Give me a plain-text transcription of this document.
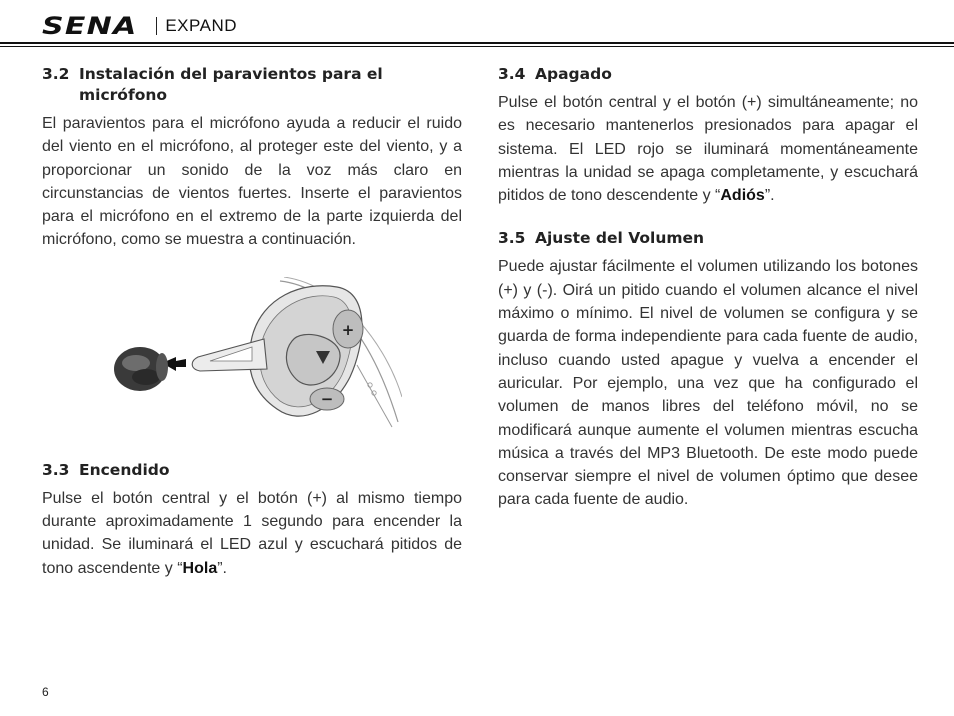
SENA EXPAND
3.2 Instalación del paravientos para el micrófono

El paravientos para el micrófono ayuda a reducir el ruido del viento en el micrófono, al proteger este del viento, y a proporcionar un sonido de la voz más claro en circunstancias de vientos fuertes. Inserte el paravientos para el micrófono en el extremo de la parte izquierda del micrófono, como se muestra a continuación.

+
−
3.3 Encendido

Pulse el botón central y el botón (+) al mismo tiempo durante aproximadamente 1 segundo para encender la unidad. Se iluminará el LED azul y escuchará pitidos de tono ascendente y “Hola”.

3.4 Apagado

Pulse el botón central y el botón (+) simultáneamente; no es necesario mantenerlos presionados para apagar el sistema. El LED rojo se iluminará momentáneamente mientras la unidad se apaga completamente, y escuchará pitidos de tono descendente y “Adiós”.

3.5 Ajuste del Volumen

Puede ajustar fácilmente el volumen utilizando los botones (+) y (-). Oirá un pitido cuando el volumen alcance el nivel máximo o mínimo. El nivel de volumen se configura y se guarda de forma independiente para cada fuente de audio, incluso cuando usted apague y vuelva a encender el auricular. Por ejemplo, una vez que ha configurado el volumen de manos libres del teléfono móvil, no se modificará aunque aumente el volumen mientras escucha música a través del MP3 Bluetooth. De este modo puede conservar siempre el nivel de volumen óptimo que desee para cada fuente de audio.

6
